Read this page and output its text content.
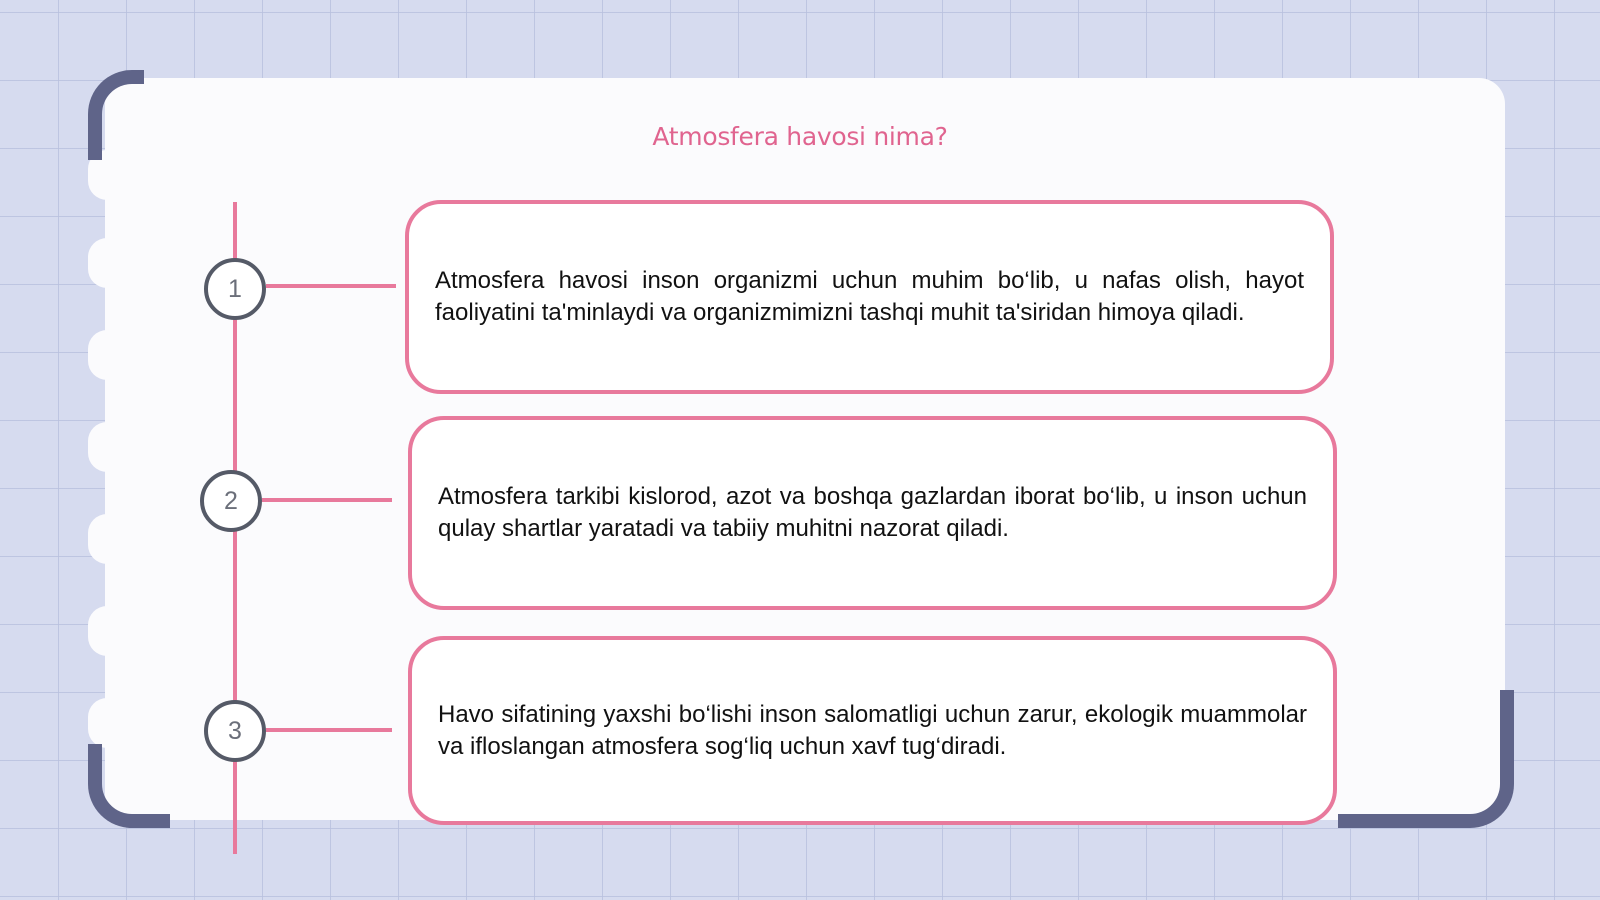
Atmosfera havosi nima?
1
2
3
Atmosfera havosi inson organizmi uchun muhim bo‘lib, u nafas olish, hayot faoliyatini ta'minlaydi va organizmimizni tashqi muhit ta'siridan himoya qiladi.
Atmosfera tarkibi kislorod, azot va boshqa gazlardan iborat bo‘lib, u inson uchun qulay shartlar yaratadi va tabiiy muhitni nazorat qiladi.
Havo sifatining yaxshi bo‘lishi inson salomatligi uchun zarur, ekologik muammolar va ifloslangan atmosfera sog‘liq uchun xavf tug‘diradi.
